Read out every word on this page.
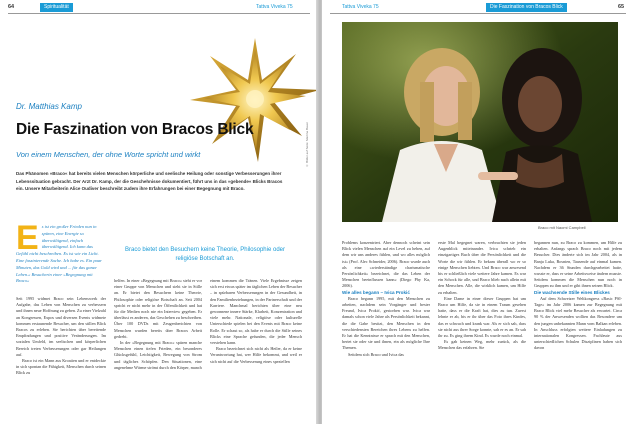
64	Spiritualität	Tattva Viveka 75
© Bilder auf Seite: Martina Bauer
Dr. Matthias Kamp
Die Faszination von Bracos Blick
Von einem Menschen, der ohne Worte spricht und wirkt
Das Phänomen »Braco« hat bereits vielen Menschen körperliche und seelische Heilung oder sonstige Verbesserungen ihrer Lebenssituation gebracht. Der Arzt Dr. Kamp, der die Geschehnisse dokumentiert, führt uns in das »gebende« Blicks Bracos ein. Unsere Mitarbeiterin Alice Oudiver beschreibt zudem ihre Erfahrungen bei einer Begegnung mit Braco.
Es ist ein großer Frieden nun in spüren, eine Energie so überwältigend, einfach überwältigend. Ich kann das Gefühl nicht beschreiben. Es ist wie ein Licht. Eine faszinierende Sache. Ich habe es. Ein paar Minuten, das Gold wird und ... für das ganze Leben.« Besucherin einer »Begegnung mit Braco«
Braco bietet den Besuchern keine Theorie, Philosophie oder religiöse Botschaft an.

Seit 1995 widmet Braco sein Lebenswerk der Aufgabe, das Leben von Menschen zu verbessern und ihnen neue Hoffnung zu geben. Zu einer Vielzahl an Kongressen, Expos und diversen Events widmete kommen erstaunende Besucher, um den stillen Blick Bracos zu erleben. Sie berichten über bereitende Empfindungen und positive Veränderungen. Im sozialen Umfeld, im seelischen und körperlichen Bereich treten Verbesserungen oder gar Heilungen auf.

Braco ist ein Mann aus Kroatien und er entdeckte in sich spontan die Fähigkeit, Menschen durch seinen Blick zu

helfen. In einer »Begegnung mit Braco« steht er vor einer Gruppe von Menschen und sieht sie in Stille an. Er bietet den Besuchern keine Theorie, Philosophie oder religiöse Botschaft an. Seit 2004 spricht er nicht mehr in der Öffentlichkeit und hat für die Medien noch nie ein Interview gegeben. Er überlässt es anderen, das Geschehen zu beschreiben. Über 100 DVDs mit Zeugenberichten von Menschen wurden bereits über Bracos Arbeit gedreht.

In der »Begegnung mit Braco« spüren manche Menschen einen tiefen Frieden, ein besonderes Glücksgefühl, Leichtigkeit, Bewegung von Strom und tägliches Schöpfen. Den Situationen, eine angenehme Wärme strömt durch den Körper, manch

einem kommen die Tränen. Viele Ergebnisse zeigen sich erst etwas später im täglichen Leben der Besucher – in spürbaren Verbesserungen in der Gesundheit, in den Familienbeziehungen, in der Partnerschaft und der Karriere. Manchmal berichten über eine neu gewonnene innere Stärke, Klarheit, Konzentration und viele mehr. Nationale, religiöse oder kulturelle Unterschiede spielen bei den Events mit Braco keine Rolle. Er schaut so, als habe er durch die Stille seines Blicks eine Sprache gefunden, die jeder Mensch verstehen kann.

Braco bezeichnet sich nicht als Heiler, da er keine Verantwortung hat, wer Hilfe bekommt, und weil er sich nicht auf die Verbesserung eines speziellen

Tattva Viveka 75	Die Faszination von Bracos Blick	65
Braco mit Naomi Campbell

Problems konzentriert. Aber dennoch scheint sein Blick vielen Menschen auf ein Level zu heben, auf dem wir uns anderes fühlen, und wo alles möglich ist« (Prof. Alec Schneider, 2006). Braco wurde auch als eine »wiederständige charismatische Persönlichkeit« bezeichnet, die das Leben der Menschen beeinflussen kann« (Diego Phy Ka, 2006).

Wie alles begann – Ivica Prokić

Braco begann 1995, mit den Menschen zu arbeiten, nachdem sein Vorgänger und bester Freund, Ivica Prokić, gestorben war. Ivica war damals schon viele Jahre als Persönlichkeit bekannt, die die Gabe besitzt, den Menschen in den verschiedensten Bereichen ihres Lebens zu helfen. Er hat die Kenntnisse er sprach mit den Menschen, beriet sie oder sie und ihnen, ein als mögliche Ihre Themen.

Seitdem sich Braco und Ivica das

erste Mal begegnet waren, verbrachten sie jeden Augenblick miteinander. Ivica schrieb ein einzigartiges Buch über die Persönlichkeit und die Worte die wir fühlen. Er bekam überall wo er so einige Menschen liebten. Und Braco war anwesend bis er schließlich viele weitere Jahre kamen. Es war ein Schock für alle, und Braco blieb nach allein mit den Menschen. Alle, die wirklich kamen, um Hilfe zu erhalten.

Eine Dame in einer dieser Gruppen bat um Braco um Hilfe, da sie in einem Traum gesehen hatte, dass er die Kraft hat, dies zu tun. Zuerst lehnte er ab, bis er ihr über das Foto ihres Kindes, das er schwach und krank war. Als er sich sah, dass sie nicht aus ihrer Sorge konnte, sah er es an. Er sah ihr zu. Es ging ihrem Kind. Es wurde noch einmal.

Es gab keinen Weg, mehr zurück, als die Menschen das erfahren. Sie

begannen nun, zu Braco zu kommen, um Hilfe zu erhalten. Anfangs sprach Braco noch mit jedem Besucher. Dies änderte sich im Jahr 2004, als in Banja Luka, Bosnien, Tausende auf einmal kamen. Nachdem er 36 Stunden durchgearbeitet hatte, wusste er, dass er seine Arbeitsweise ändern musste. Seitdem kommen die Menschen nun noch in Gruppen zu ihm und er gibt ihnen seinen Blick.

Die wachsende Stille eines Blickes

Auf dem Schweizer Weltkongress »Basic PSI-Tage« im Jahr 2006 kamen zur Begegnung mit Braco Blick viel mehr Besucher als erwartet. Circa 90 % der Anwesenden wollten das Besondere um den jungen unbekannten Mann vom Balkan erleben. In Anschluss erfolgten weitere Einladungen zu internationalen Kongressen. Fachleute aus unterschiedlichen Schulen Disziplinen haben sich davon
